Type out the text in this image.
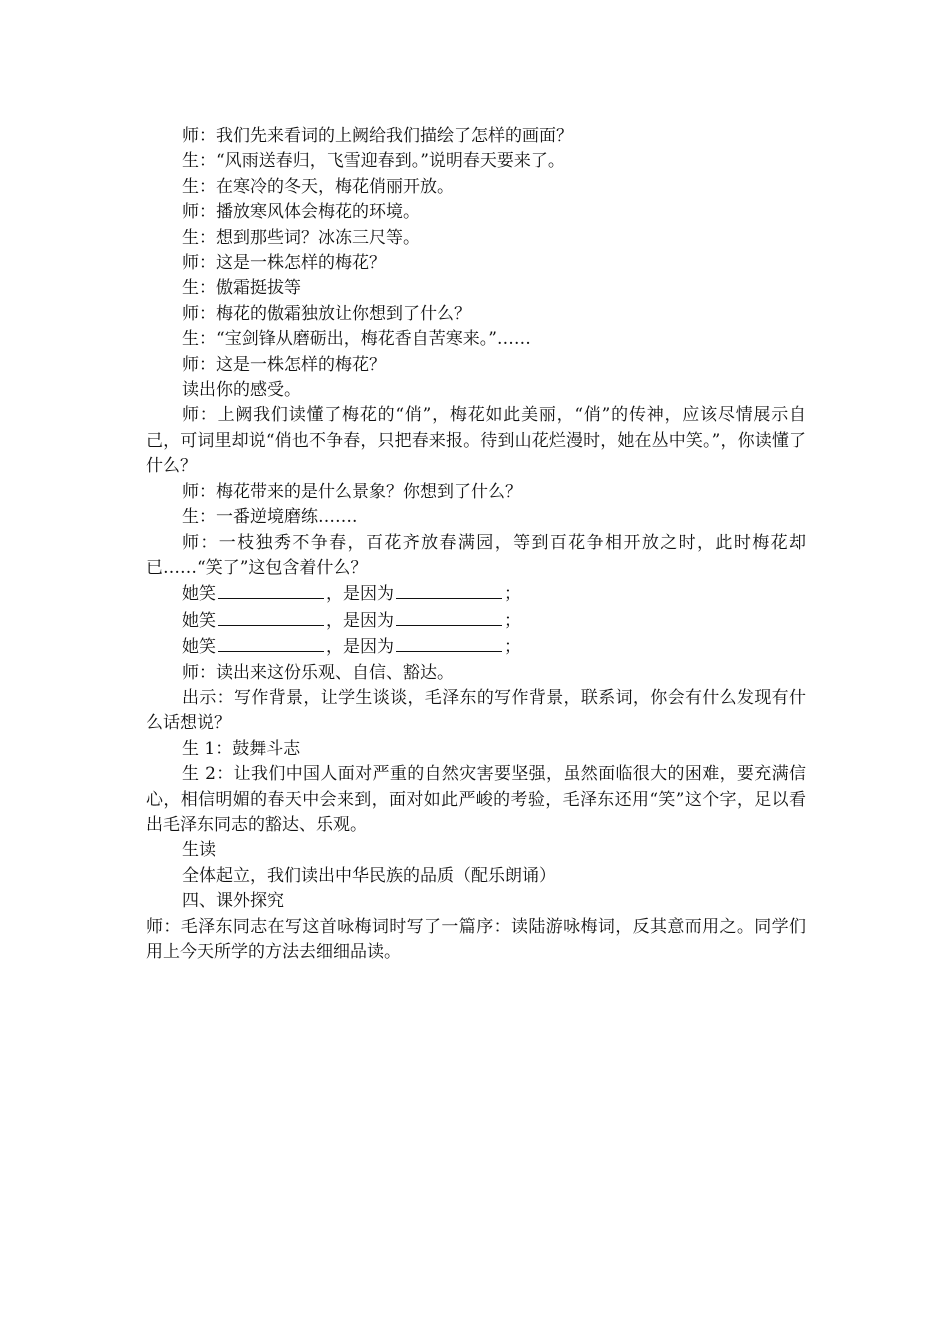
师：我们先来看词的上阙给我们描绘了怎样的画面？
生：“风雨送春归，飞雪迎春到。”说明春天要来了。
生：在寒冷的冬天，梅花俏丽开放。
师：播放寒风体会梅花的环境。
生：想到那些词？冰冻三尺等。
师：这是一株怎样的梅花？
生：傲霜挺拔等
师：梅花的傲霜独放让你想到了什么？
生：“宝剑锋从磨砺出，梅花香自苦寒来。”……
师：这是一株怎样的梅花？
读出你的感受。
师：上阙我们读懂了梅花的“俏”，梅花如此美丽，“俏”的传神，应该尽情展示自己，可词里却说“俏也不争春，只把春来报。待到山花烂漫时，她在丛中笑。”，你读懂了什么？
师：梅花带来的是什么景象？你想到了什么？
生：一番逆境磨练…….
师：一枝独秀不争春，百花齐放春满园，等到百花争相开放之时，此时梅花却已……“笑了”这包含着什么？
她笑	，是因为	；
她笑	，是因为	；
她笑	，是因为	；
师：读出来这份乐观、自信、豁达。
出示：写作背景，让学生谈谈，毛泽东的写作背景，联系词，你会有什么发现有什么话想说？
生 1：鼓舞斗志
生 2：让我们中国人面对严重的自然灾害要坚强，虽然面临很大的困难，要充满信心，相信明媚的春天中会来到，面对如此严峻的考验，毛泽东还用“笑”这个字，足以看出毛泽东同志的豁达、乐观。
生读
全体起立，我们读出中华民族的品质（配乐朗诵）
四、课外探究
师：毛泽东同志在写这首咏梅词时写了一篇序：读陆游咏梅词，反其意而用之。同学们用上今天所学的方法去细细品读。
